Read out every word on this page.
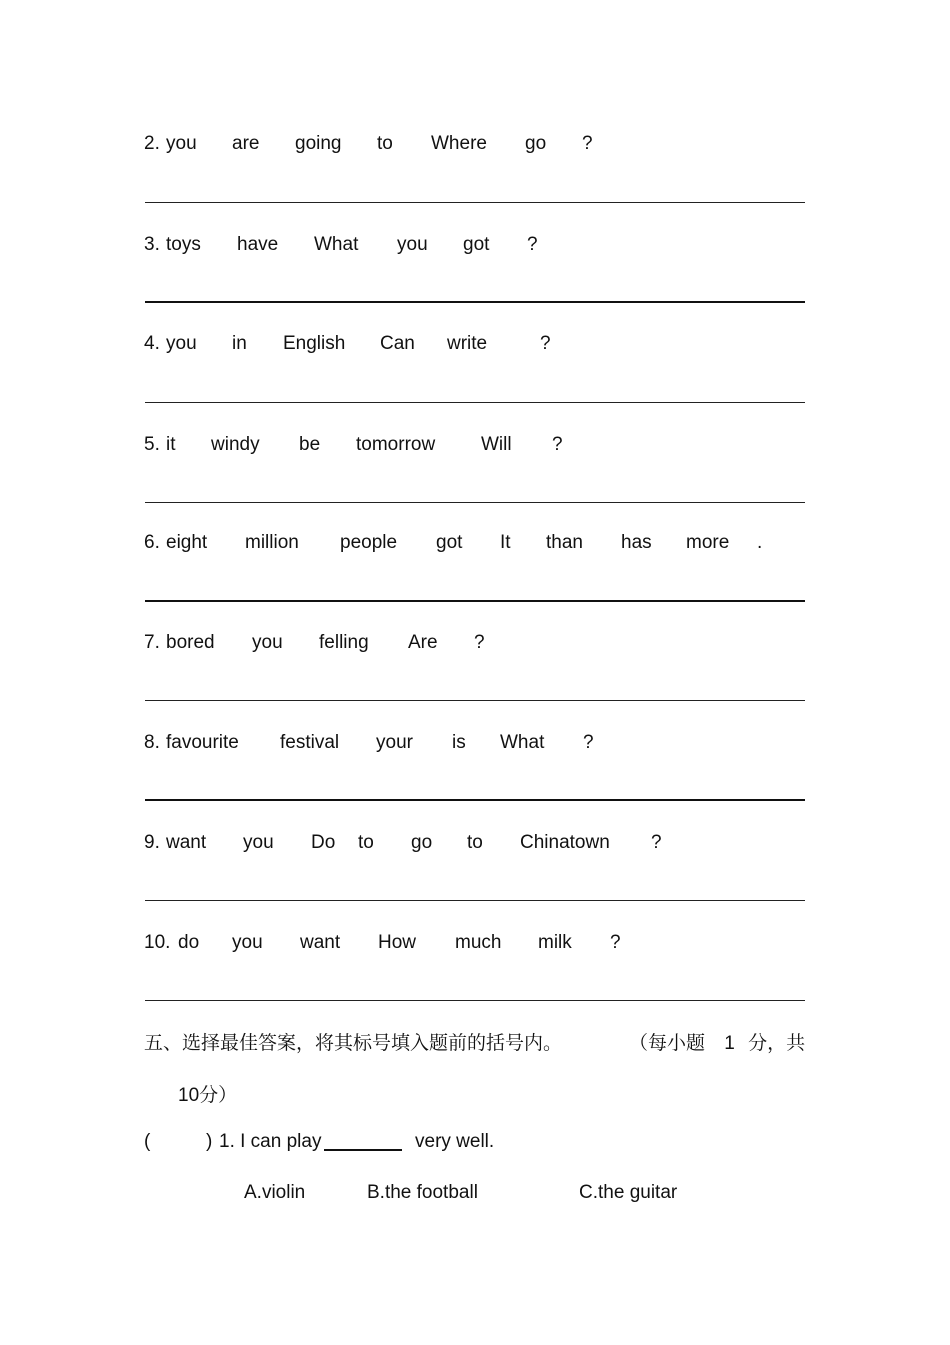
2. you are going to Where go ?
3. toys have What you got ?
4. you in English Can write	?
5. it windy be tomorrow Will ?
6. eight million people got It than has more .
7. bored you felling Are ?
8. favourite festival your is What ?
9. want you Do to go to Chinatown ?
10. do you want How much milk ?
五、选择最佳答案，将其标号填入题前的括号内。	（每小题 1 分，共
10分）
(	) 1. I can play	very well.
A.violin	B.the football	C.the guitar
